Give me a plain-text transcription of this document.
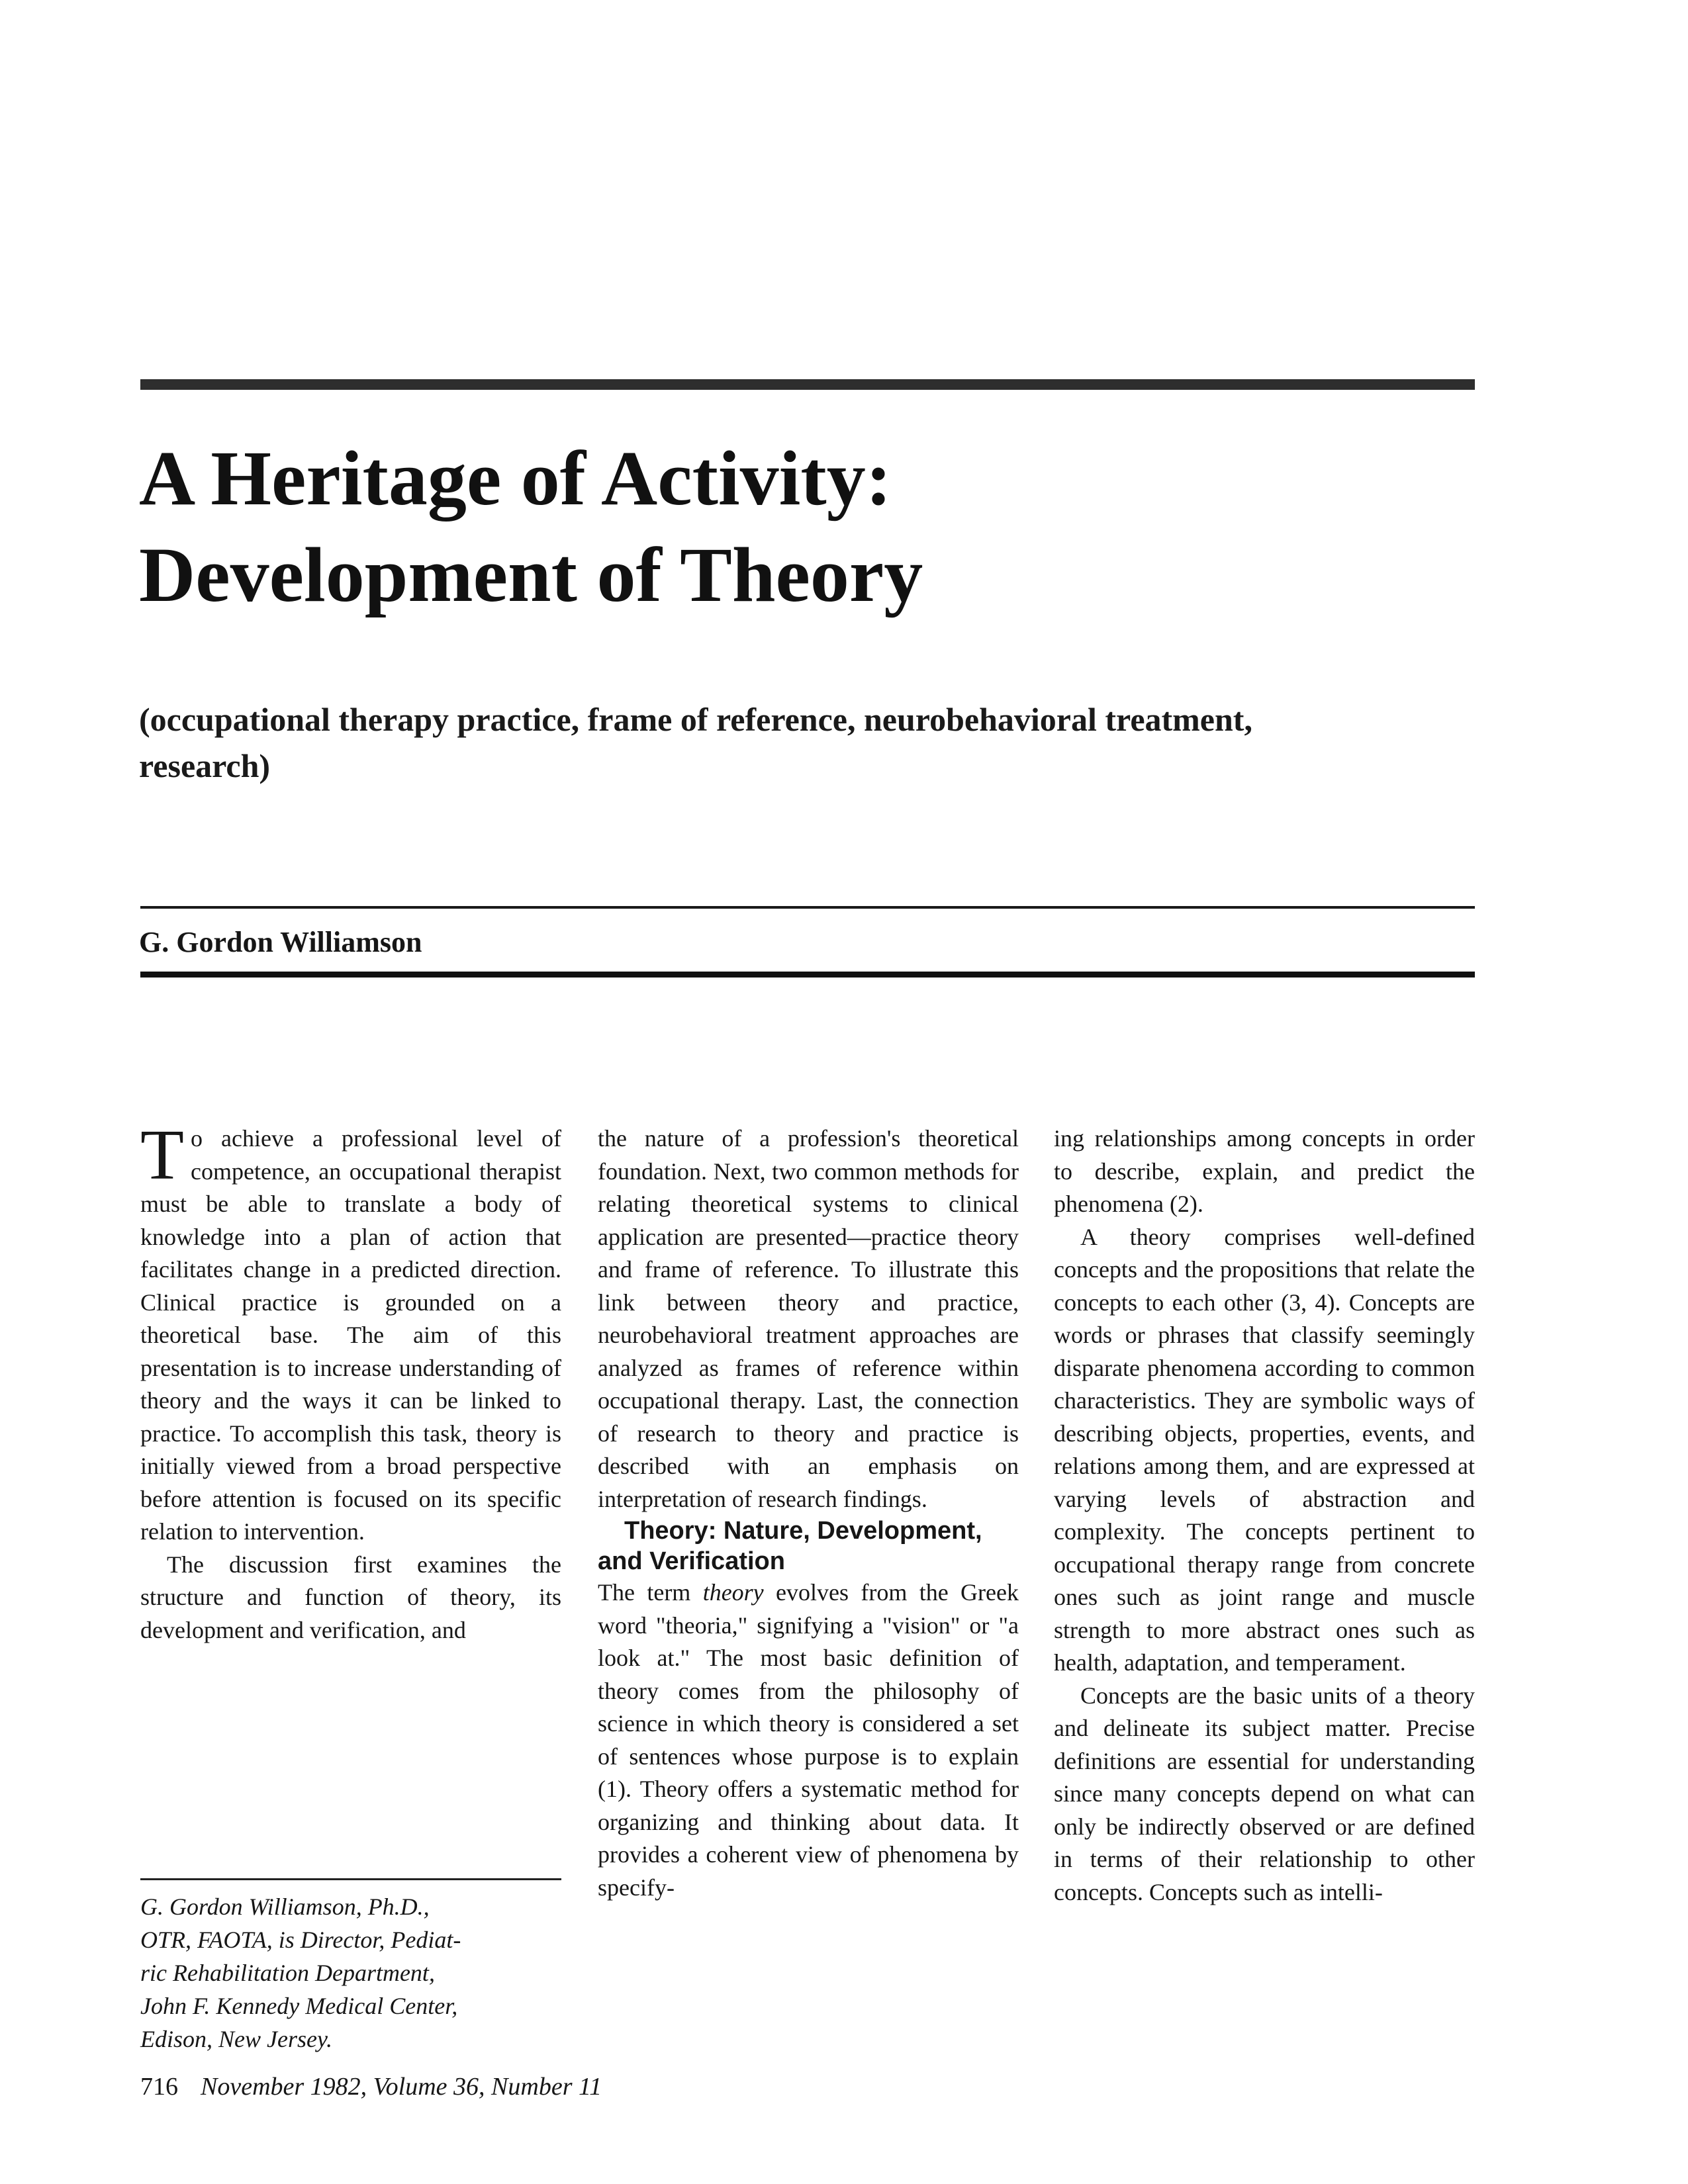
A Heritage of Activity:
Development of Theory

(occupational therapy practice, frame of reference, neurobehavioral treatment, research)

G. Gordon Williamson

To achieve a professional level of competence, an occupational therapist must be able to translate a body of knowledge into a plan of action that facilitates change in a predicted direction. Clinical practice is grounded on a theoretical base. The aim of this presentation is to increase understanding of theory and the ways it can be linked to practice. To accomplish this task, theory is initially viewed from a broad perspective before attention is focused on its specific relation to intervention.

The discussion first examines the structure and function of theory, its development and verification, and

the nature of a profession's theoretical foundation. Next, two common methods for relating theoretical systems to clinical application are presented—practice theory and frame of reference. To illustrate this link between theory and practice, neurobehavioral treatment approaches are analyzed as frames of reference within occupational therapy. Last, the connection of research to theory and practice is described with an emphasis on interpretation of research findings.

Theory: Nature, Development, and Verification

The term theory evolves from the Greek word "theoria," signifying a "vision" or "a look at." The most basic definition of theory comes from the philosophy of science in which theory is considered a set of sentences whose purpose is to explain (1). Theory offers a systematic method for organizing and thinking about data. It provides a coherent view of phenomena by specify-

ing relationships among concepts in order to describe, explain, and predict the phenomena (2).

A theory comprises well-defined concepts and the propositions that relate the concepts to each other (3, 4). Concepts are words or phrases that classify seemingly disparate phenomena according to common characteristics. They are symbolic ways of describing objects, properties, events, and relations among them, and are expressed at varying levels of abstraction and complexity. The concepts pertinent to occupational therapy range from concrete ones such as joint range and muscle strength to more abstract ones such as health, adaptation, and temperament.

Concepts are the basic units of a theory and delineate its subject matter. Precise definitions are essential for understanding since many concepts depend on what can only be indirectly observed or are defined in terms of their relationship to other concepts. Concepts such as intelli-

G. Gordon Williamson, Ph.D.,
OTR, FAOTA, is Director, Pediat-
ric Rehabilitation Department,
John F. Kennedy Medical Center,
Edison, New Jersey.

716 November 1982, Volume 36, Number 11
